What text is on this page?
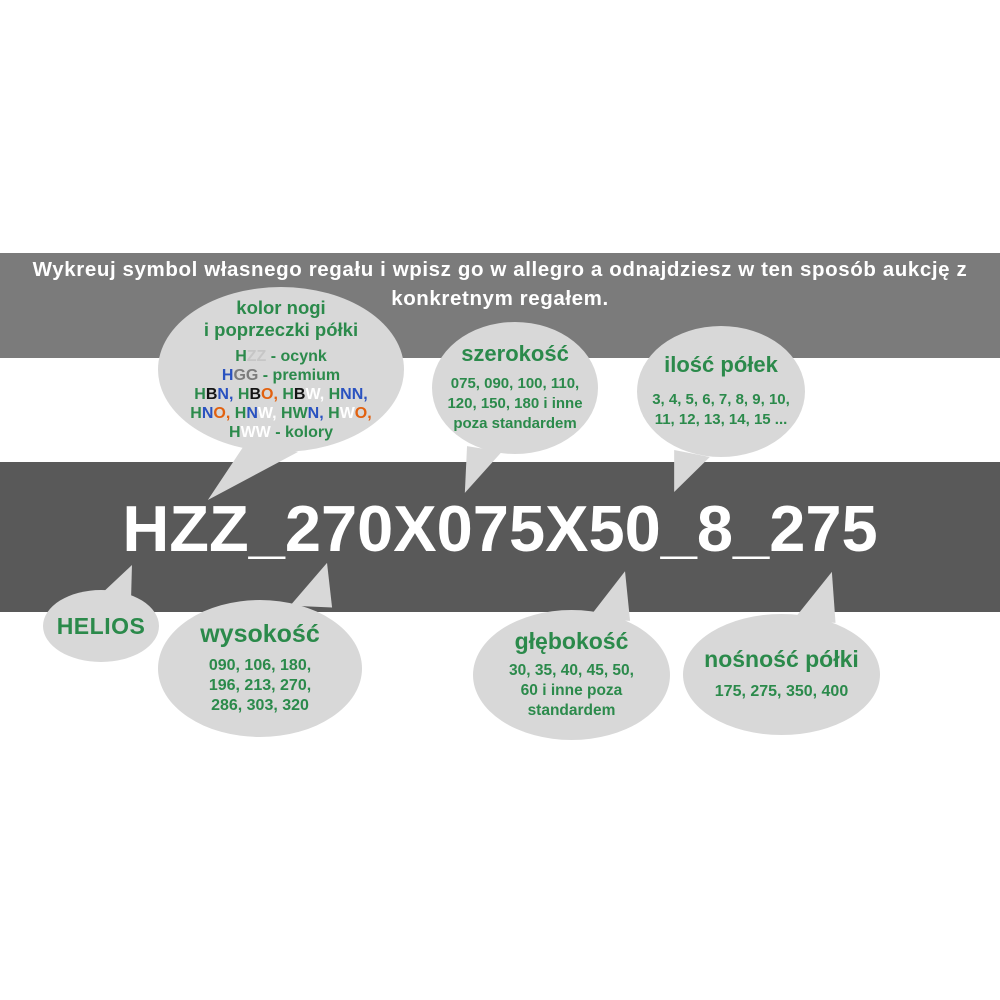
Wykreuj symbol własnego regału i wpisz go w allegro a odnajdziesz w ten sposób aukcję z
konkretnym regałem.
HZZ_270X075X50_8_275
kolor nogi
i poprzeczki półki
HZZ - ocynk
HGG - premium
HBN, HBO, HBW, HNN,
HNO, HNW, HWN, HWO,
HWW - kolory
szerokość
075, 090, 100, 110,
120, 150, 180 i inne
poza standardem
ilość półek
3, 4, 5, 6, 7, 8, 9, 10,
11, 12, 13, 14, 15 ...
HELIOS wysokość
090, 106, 180,
196, 213, 270,
286, 303, 320
głębokość
30, 35, 40, 45, 50,
60 i inne poza
standardem
nośność półki
175, 275, 350, 400
